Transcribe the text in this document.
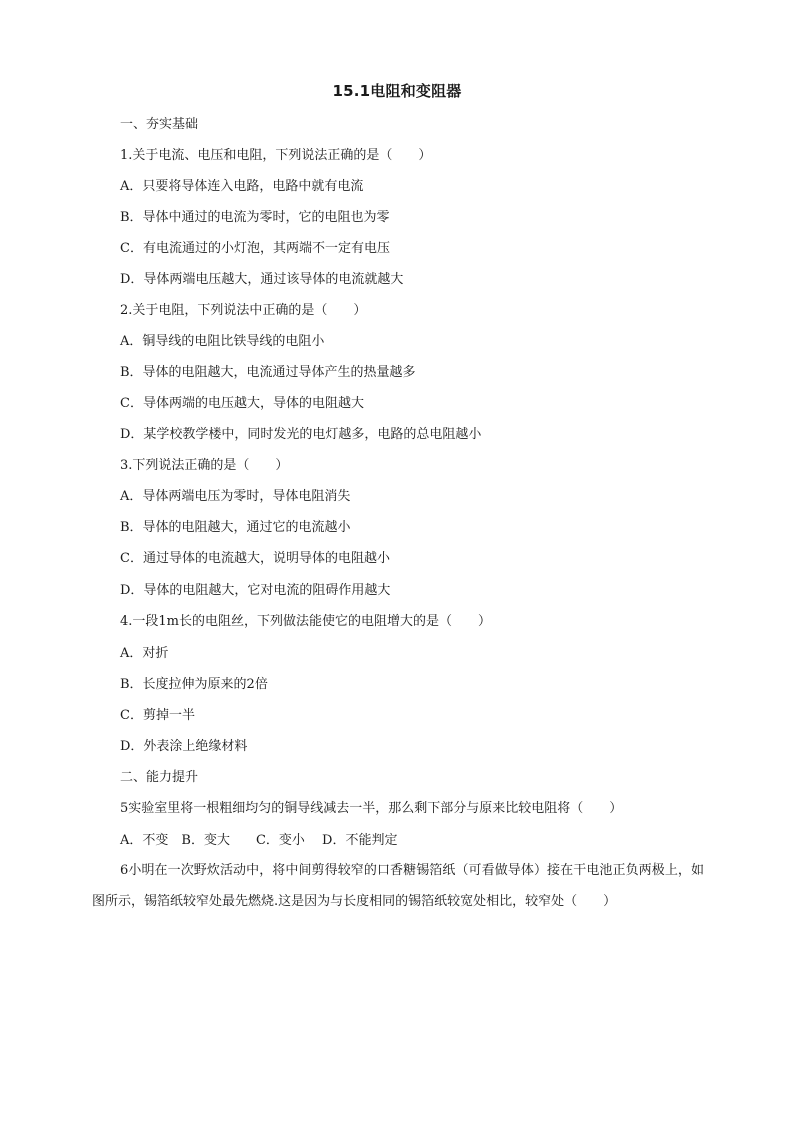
15.1电阻和变阻器
一、夯实基础
1.关于电流、电压和电阻，下列说法正确的是（　　）
A．只要将导体连入电路，电路中就有电流
B．导体中通过的电流为零时，它的电阻也为零
C．有电流通过的小灯泡，其两端不一定有电压
D．导体两端电压越大，通过该导体的电流就越大
2.关于电阻，下列说法中正确的是（　　）
A．铜导线的电阻比铁导线的电阻小
B．导体的电阻越大，电流通过导体产生的热量越多
C．导体两端的电压越大，导体的电阻越大
D．某学校教学楼中，同时发光的电灯越多，电路的总电阻越小
3.下列说法正确的是（　　）
A．导体两端电压为零时，导体电阻消失
B．导体的电阻越大，通过它的电流越小
C．通过导体的电流越大，说明导体的电阻越小
D．导体的电阻越大，它对电流的阻碍作用越大
4.一段1m长的电阻丝，下列做法能使它的电阻增大的是（　　）
A．对折
B．长度拉伸为原来的2倍
C．剪掉一半
D．外表涂上绝缘材料
二、能力提升
5实验室里将一根粗细均匀的铜导线减去一半，那么剩下部分与原来比较电阻将（　　）
A．不变　B．变大　　C．变小　 D．不能判定
6小明在一次野炊活动中，将中间剪得较窄的口香糖锡箔纸（可看做导体）接在干电池正负两极上，如图所示，锡箔纸较窄处最先燃烧.这是因为与长度相同的锡箔纸较宽处相比，较窄处（　　）
